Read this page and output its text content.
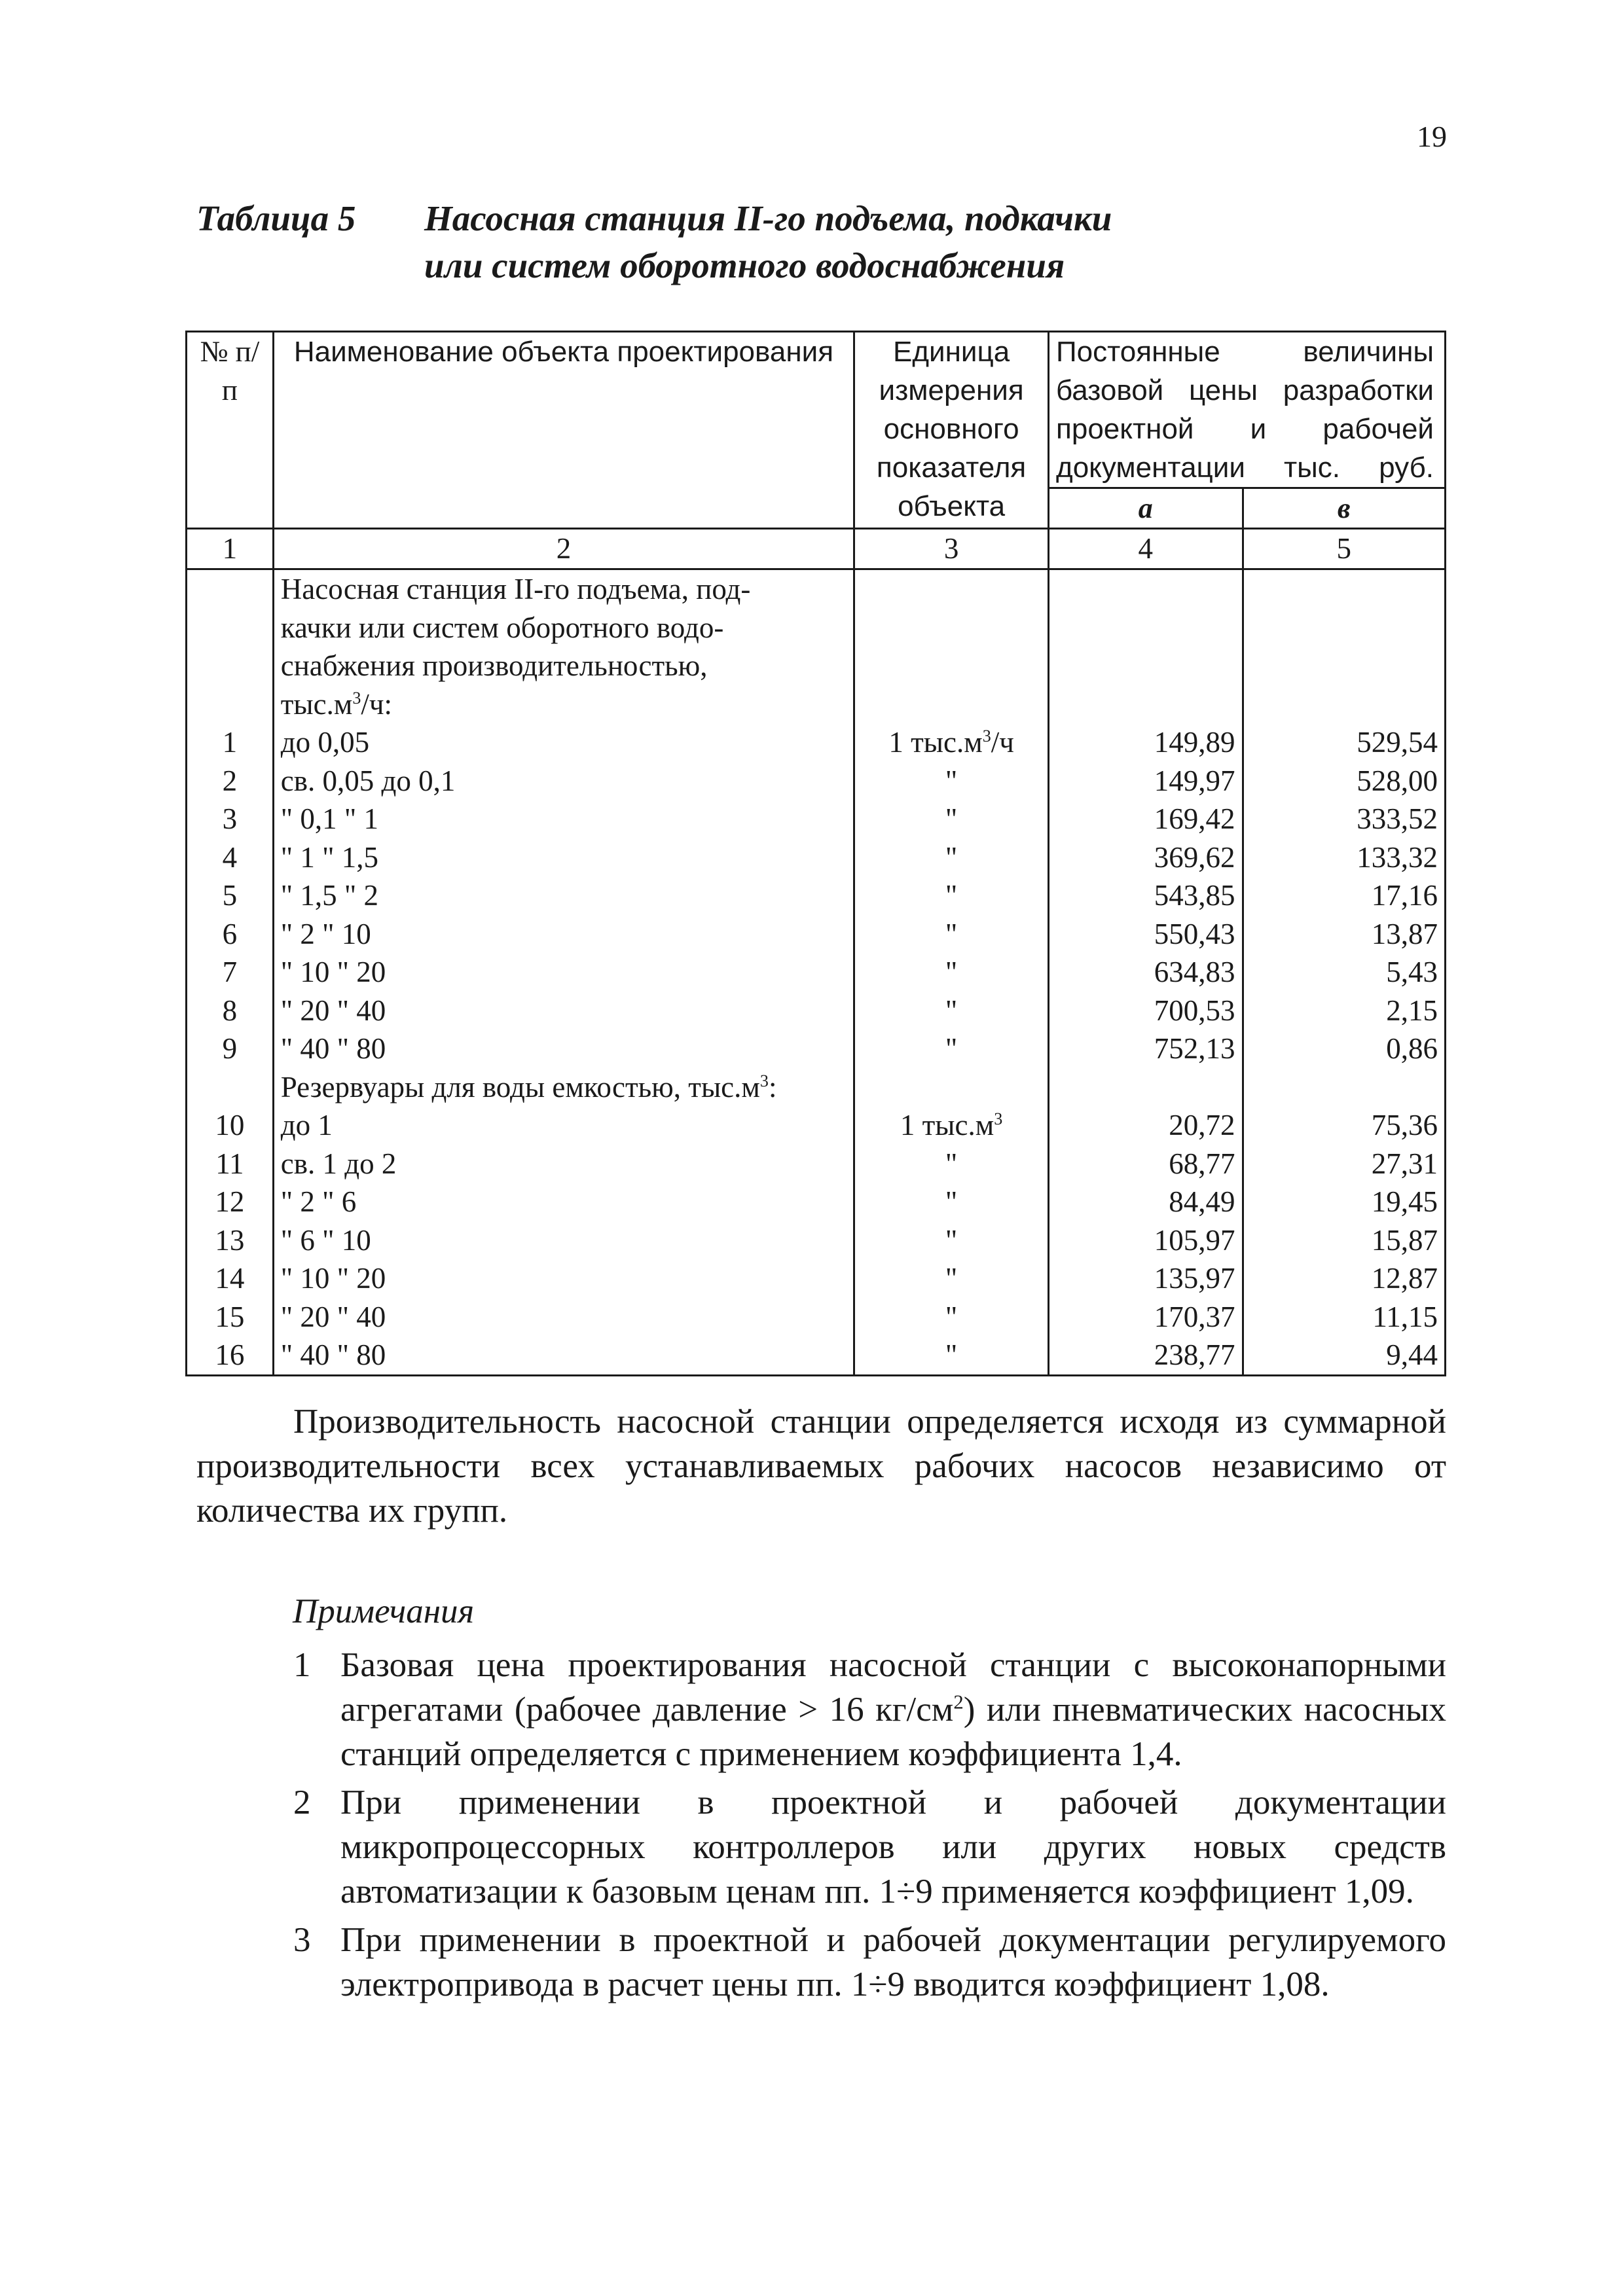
19
Таблица 5 Насосная станция II-го подъема, подкачки
или систем оборотного водоснабжения
№ п/п	Наименование объекта проектирования	Единица измерения основного показателя объекта	Постоянные величины базовой цены разработки проектной и рабочей документации тыс. руб.	
			а	в
1	2	3	4	5
	Насосная станция II-го подъема, под-			
	качки или систем оборотного водо-			
	снабжения производительностью,			
	$тыс.м^3/ч$:			
1	до 0,05	1 $тыс.м^3/ч$	149,89	529,54
2	св. 0,05 до 0,1	"	149,97	528,00
3	" 0,1 " 1	"	169,42	333,52
4	" 1 " 1,5	"	369,62	133,32
5	" 1,5 " 2	"	543,85	17,16
6	" 2 " 10	"	550,43	13,87
7	" 10 " 20	"	634,83	5,43
8	" 20 " 40	"	700,53	2,15
9	" 40 " 80	"	752,13	0,86
	Резервуары для воды емкостью, $тыс.м^3$:			
10	до 1	1 $тыс.м^3$	20,72	75,36
11	св. 1 до 2	"	68,77	27,31
12	" 2 " 6	"	84,49	19,45
13	" 6 " 10	"	105,97	15,87
14	" 10 " 20	"	135,97	12,87
15	" 20 " 40	"	170,37	11,15
16	" 40 " 80	"	238,77	9,44
Производительность насосной станции определяется исходя из суммарной производительности всех устанавливаемых рабочих насосов независимо от количества их групп.
Примечания
1 Базовая цена проектирования насосной станции с высоконапорными агрегатами (рабочее давление > 16 $кг/см^2$) или пневматических насосных станций определяется с применением коэффициента 1,4.
2 При применении в проектной и рабочей документации микропроцессорных контроллеров или других новых средств автоматизации к базовым ценам пп. 1÷9 применяется коэффициент 1,09.
3 При применении в проектной и рабочей документации регулируемого электропривода в расчет цены пп. 1÷9 вводится коэффициент 1,08.
